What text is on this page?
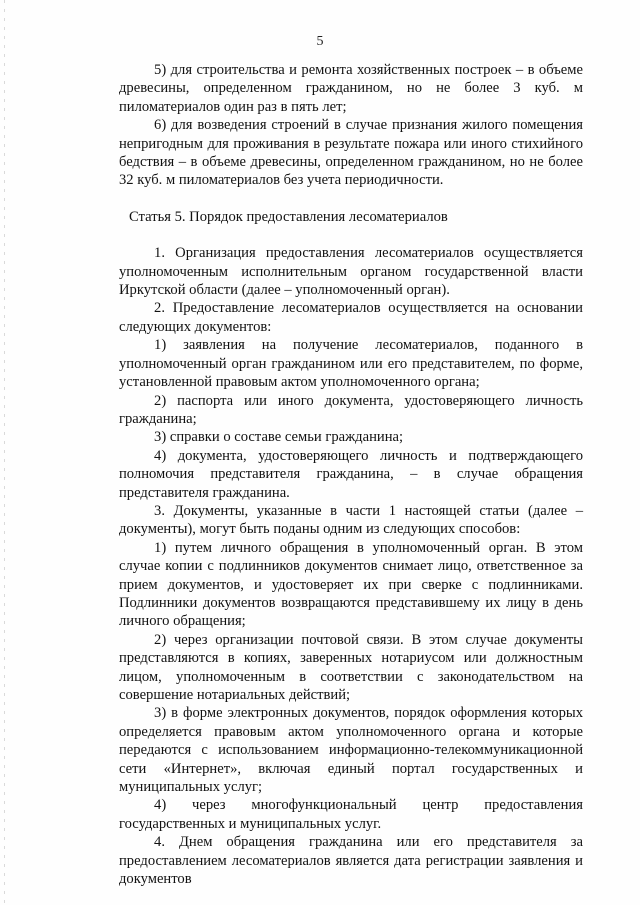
5

5) для строительства и ремонта хозяйственных построек – в объеме древесины, определенном гражданином, но не более 3 куб. м пиломатериалов один раз в пять лет;

6) для возведения строений в случае признания жилого помещения непригодным для проживания в результате пожара или иного стихийного бедствия – в объеме древесины, определенном гражданином, но не более 32 куб. м пиломатериалов без учета периодичности.

Статья 5. Порядок предоставления лесоматериалов

1. Организация предоставления лесоматериалов осуществляется уполномоченным исполнительным органом государственной власти Иркутской области (далее – уполномоченный орган).

2. Предоставление лесоматериалов осуществляется на основании следующих документов:

1) заявления на получение лесоматериалов, поданного в уполномоченный орган гражданином или его представителем, по форме, установленной правовым актом уполномоченного органа;

2) паспорта или иного документа, удостоверяющего личность гражданина;

3) справки о составе семьи гражданина;

4) документа, удостоверяющего личность и подтверждающего полномочия представителя гражданина, – в случае обращения представителя гражданина.

3. Документы, указанные в части 1 настоящей статьи (далее – документы), могут быть поданы одним из следующих способов:

1) путем личного обращения в уполномоченный орган. В этом случае копии с подлинников документов снимает лицо, ответственное за прием документов, и удостоверяет их при сверке с подлинниками. Подлинники документов возвращаются представившему их лицу в день личного обращения;

2) через организации почтовой связи. В этом случае документы представляются в копиях, заверенных нотариусом или должностным лицом, уполномоченным в соответствии с законодательством на совершение нотариальных действий;

3) в форме электронных документов, порядок оформления которых определяется правовым актом уполномоченного органа и которые передаются с использованием информационно-телекоммуникационной сети «Интернет», включая единый портал государственных и муниципальных услуг;

4) через многофункциональный центр предоставления государственных и муниципальных услуг.

4. Днем обращения гражданина или его представителя за предоставлением лесоматериалов является дата регистрации заявления и документов
